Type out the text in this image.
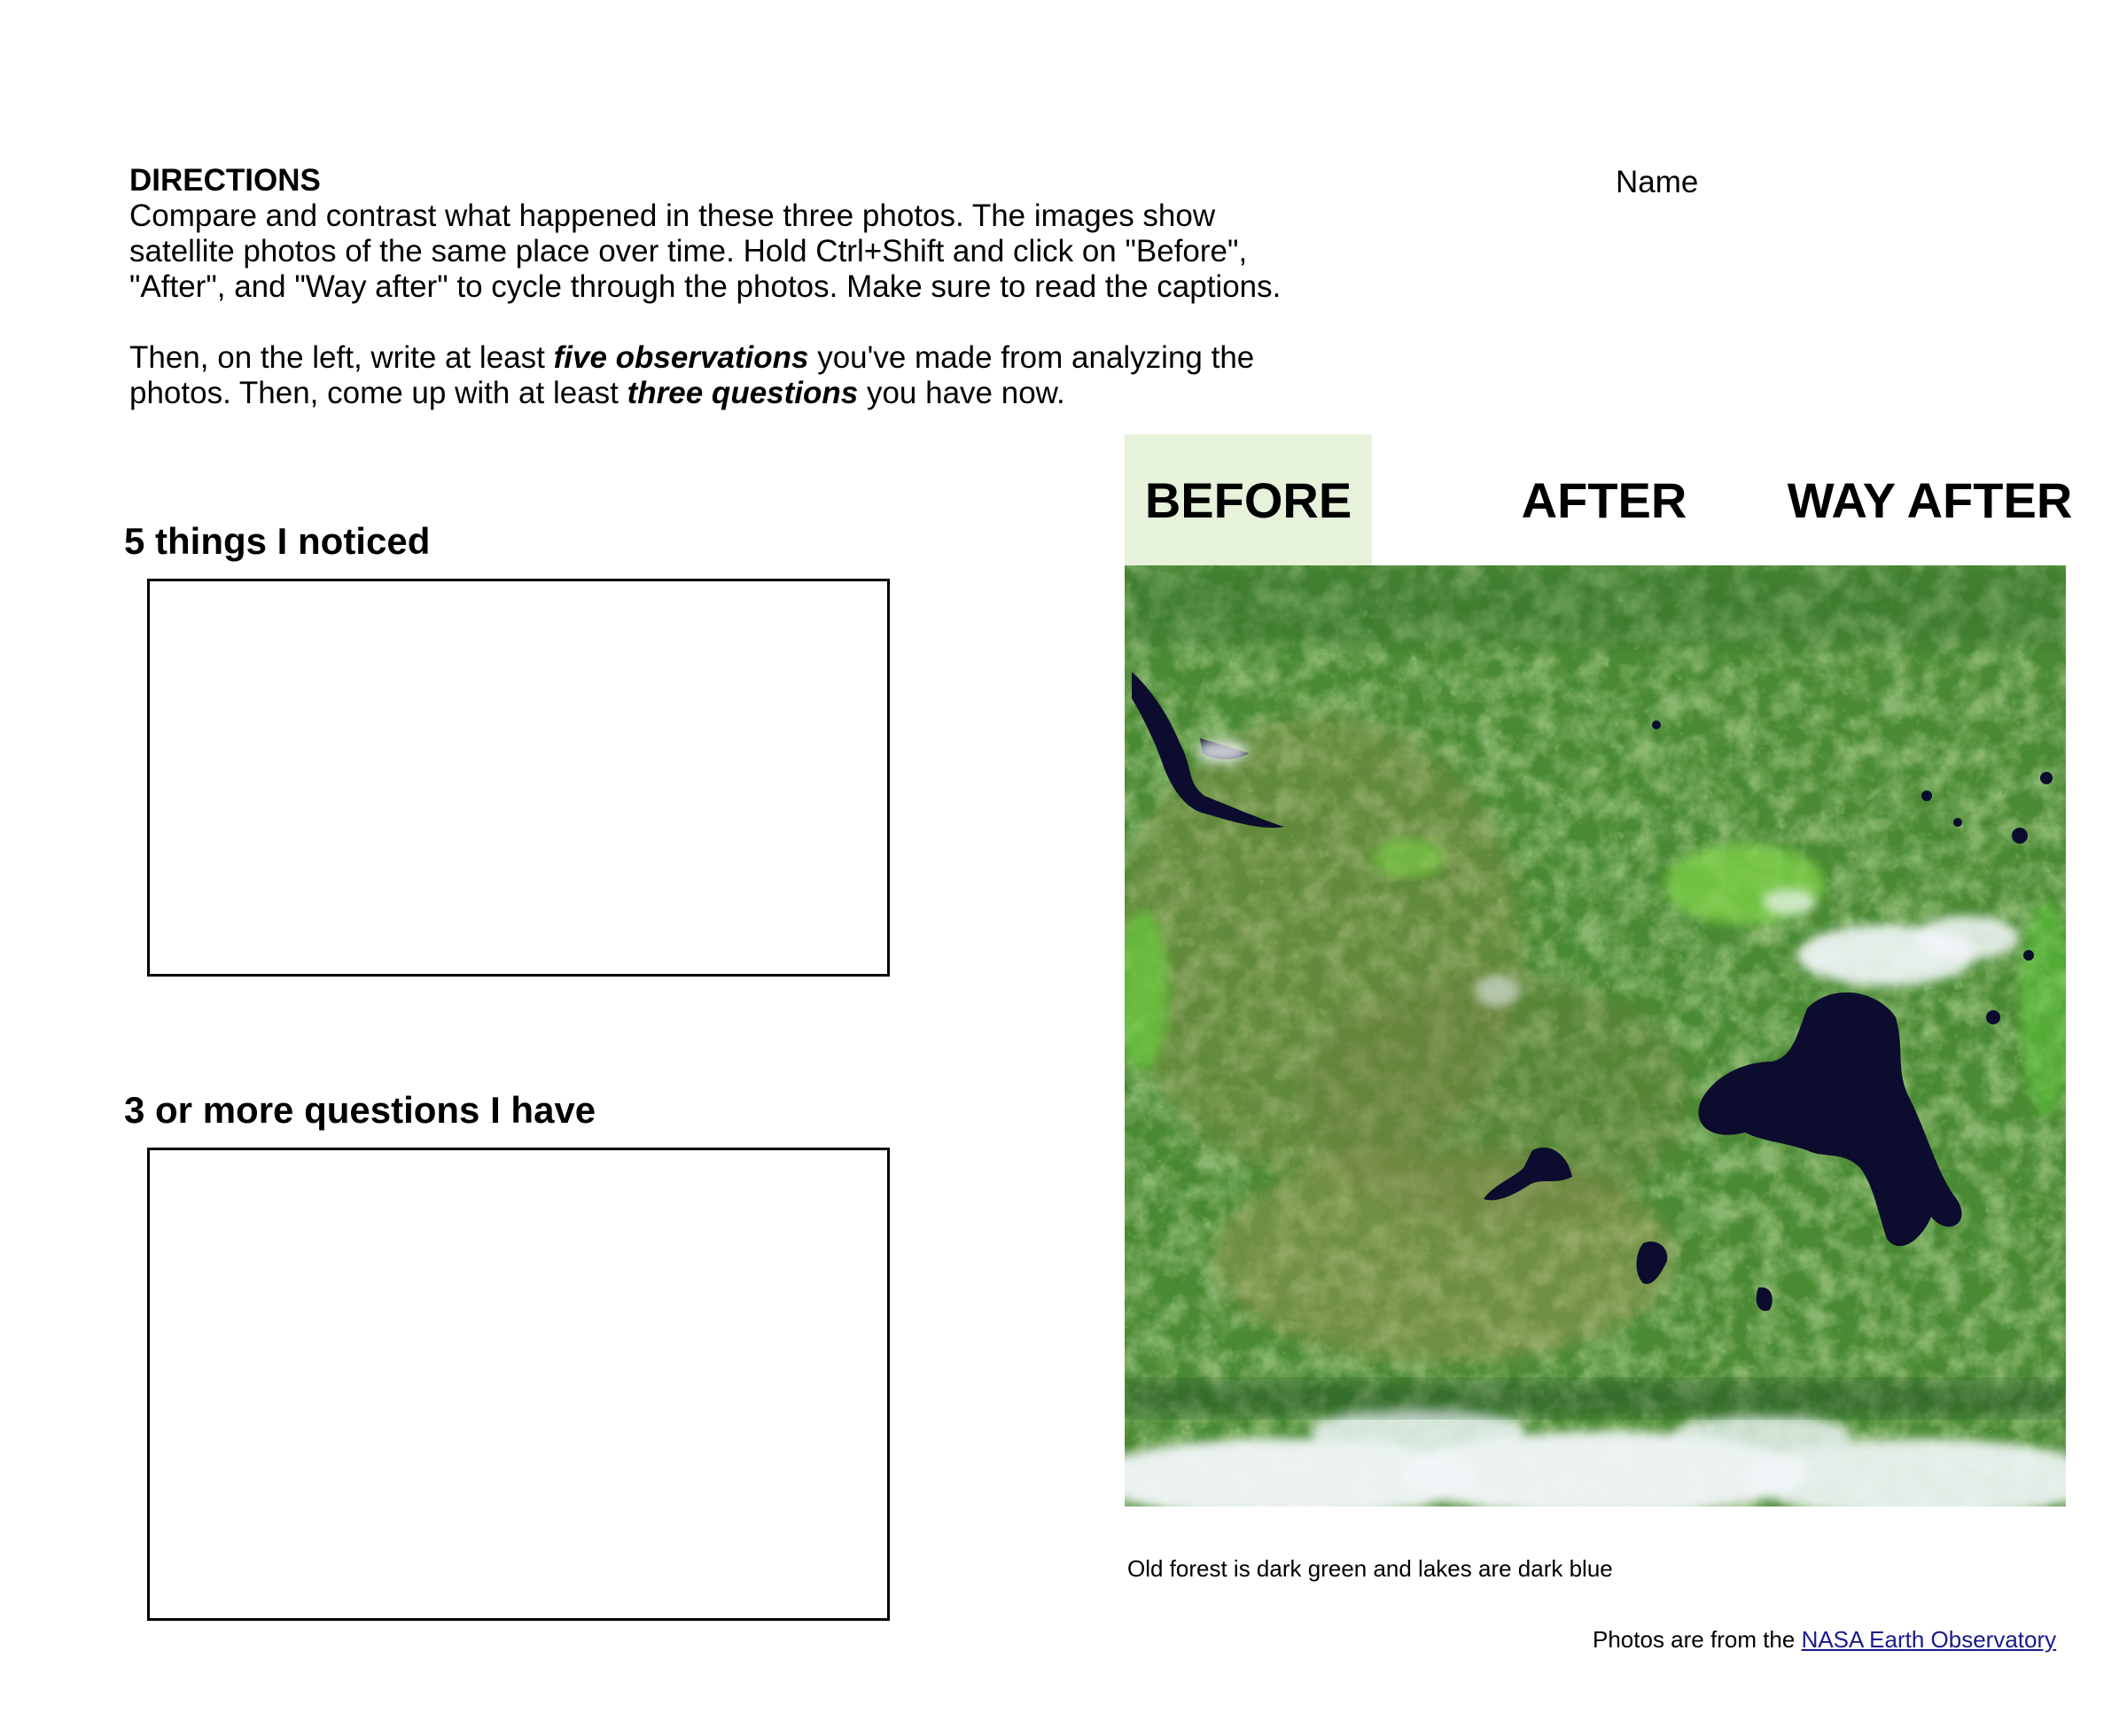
DIRECTIONS

Compare and contrast what happened in these three photos. The images show satellite photos of the same place over time. Hold Ctrl+Shift and click on "Before", "After", and "Way after" to cycle through the photos. Make sure to read the captions.

Then, on the left, write at least five observations you've made from analyzing the photos. Then, come up with at least three questions you have now.

Name
5 things I noticed
3 or more questions I have
BEFORE	AFTER	WAY AFTER
Old forest is dark green and lakes are dark blue
Photos are from the NASA Earth Observatory
